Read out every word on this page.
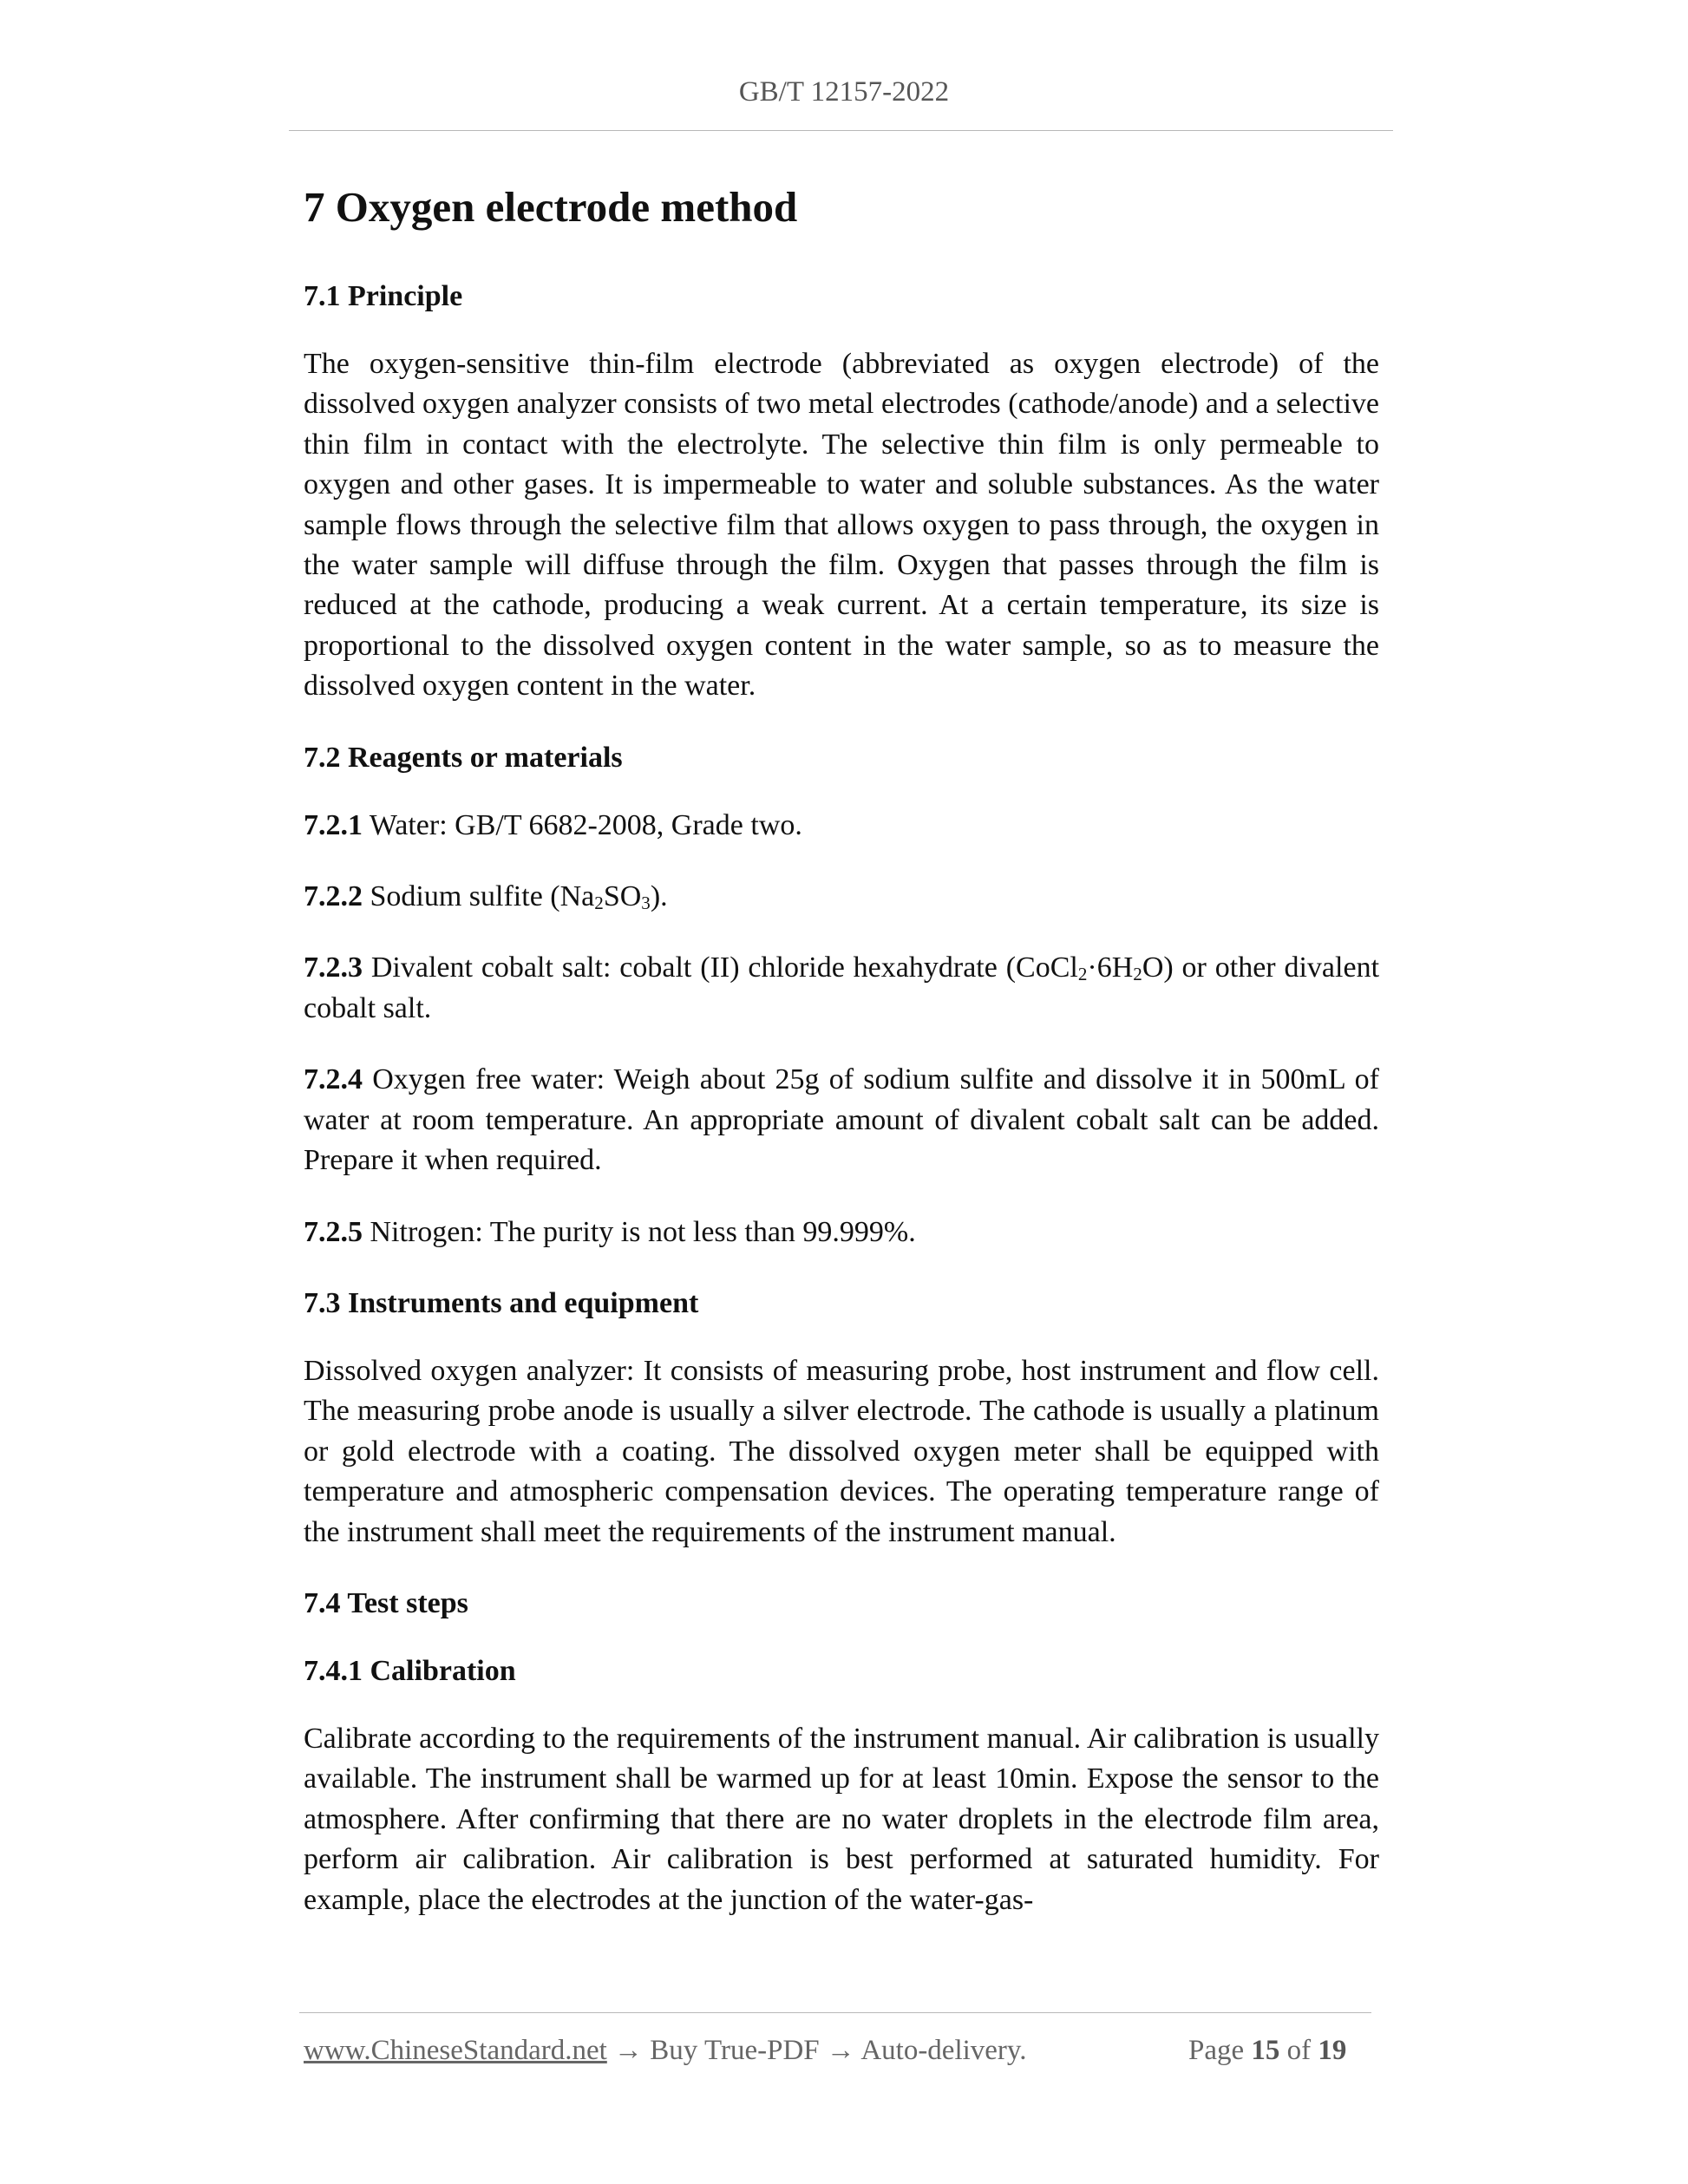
GB/T 12157-2022
7 Oxygen electrode method
7.1 Principle

The oxygen-sensitive thin-film electrode (abbreviated as oxygen electrode) of the dissolved oxygen analyzer consists of two metal electrodes (cathode/anode) and a selective thin film in contact with the electrolyte. The selective thin film is only permeable to oxygen and other gases. It is impermeable to water and soluble substances. As the water sample flows through the selective film that allows oxygen to pass through, the oxygen in the water sample will diffuse through the film. Oxygen that passes through the film is reduced at the cathode, producing a weak current. At a certain temperature, its size is proportional to the dissolved oxygen content in the water sample, so as to measure the dissolved oxygen content in the water.

7.2 Reagents or materials

7.2.1 Water: GB/T 6682-2008, Grade two.

7.2.2 Sodium sulfite $(Na_2SO_3)$.

7.2.3 Divalent cobalt salt: cobalt (II) chloride hexahydrate $(CoCl_2\cdot 6H_2O)$ or other divalent cobalt salt.

7.2.4 Oxygen free water: Weigh about 25g of sodium sulfite and dissolve it in 500mL of water at room temperature. An appropriate amount of divalent cobalt salt can be added. Prepare it when required.

7.2.5 Nitrogen: The purity is not less than 99.999%.

7.3 Instruments and equipment

Dissolved oxygen analyzer: It consists of measuring probe, host instrument and flow cell. The measuring probe anode is usually a silver electrode. The cathode is usually a platinum or gold electrode with a coating. The dissolved oxygen meter shall be equipped with temperature and atmospheric compensation devices. The operating temperature range of the instrument shall meet the requirements of the instrument manual.

7.4 Test steps
7.4.1 Calibration

Calibrate according to the requirements of the instrument manual. Air calibration is usually available. The instrument shall be warmed up for at least 10min. Expose the sensor to the atmosphere. After confirming that there are no water droplets in the electrode film area, perform air calibration. Air calibration is best performed at saturated humidity. For example, place the electrodes at the junction of the water-gas-

www.ChineseStandard.net → Buy True-PDF → Auto-delivery.	Page 15 of 19
